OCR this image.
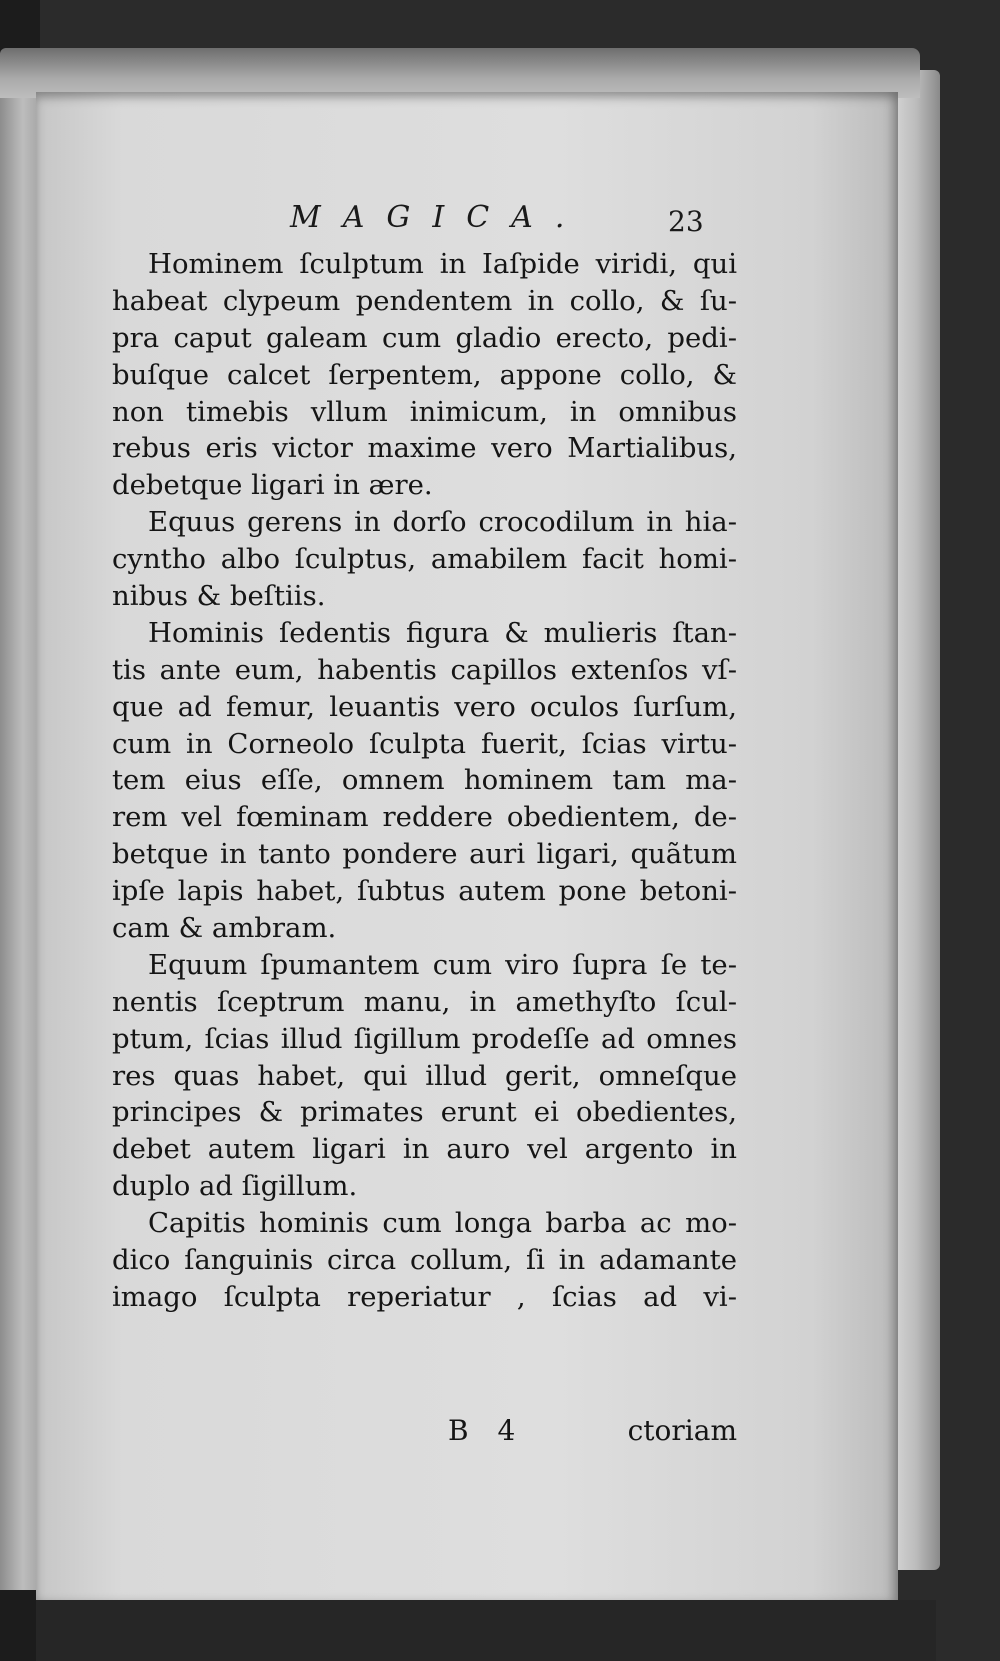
MAGICA.	23
Hominem ſculptum in Iaſpide viridi, qui
habeat clypeum pendentem in collo, & ſu-
pra caput galeam cum gladio erecto, pedi-
buſque calcet ſerpentem, appone collo, &
non timebis vllum inimicum, in omnibus
rebus eris victor maxime vero Martialibus,
debetque ligari in ære.
Equus gerens in dorſo crocodilum in hia-
cyntho albo ſculptus, amabilem facit homi-
nibus & beſtiis.
Hominis ſedentis figura & mulieris ſtan-
tis ante eum, habentis capillos extenſos vſ-
que ad femur, leuantis vero oculos ſurſum,
cum in Corneolo ſculpta fuerit, ſcias virtu-
tem eius eſſe, omnem hominem tam ma-
rem vel fœminam reddere obedientem, de-
betque in tanto pondere auri ligari, quãtum
ipſe lapis habet, ſubtus autem pone betoni-
cam & ambram.
Equum ſpumantem cum viro ſupra ſe te-
nentis ſceptrum manu, in amethyſto ſcul-
ptum, ſcias illud ſigillum prodeſſe ad omnes
res quas habet, qui illud gerit, omneſque
principes & primates erunt ei obedientes,
debet autem ligari in auro vel argento in
duplo ad ſigillum.
Capitis hominis cum longa barba ac mo-
dico ſanguinis circa collum, ſi in adamante
imago ſculpta reperiatur , ſcias ad vi-
B 4	ctoriam
